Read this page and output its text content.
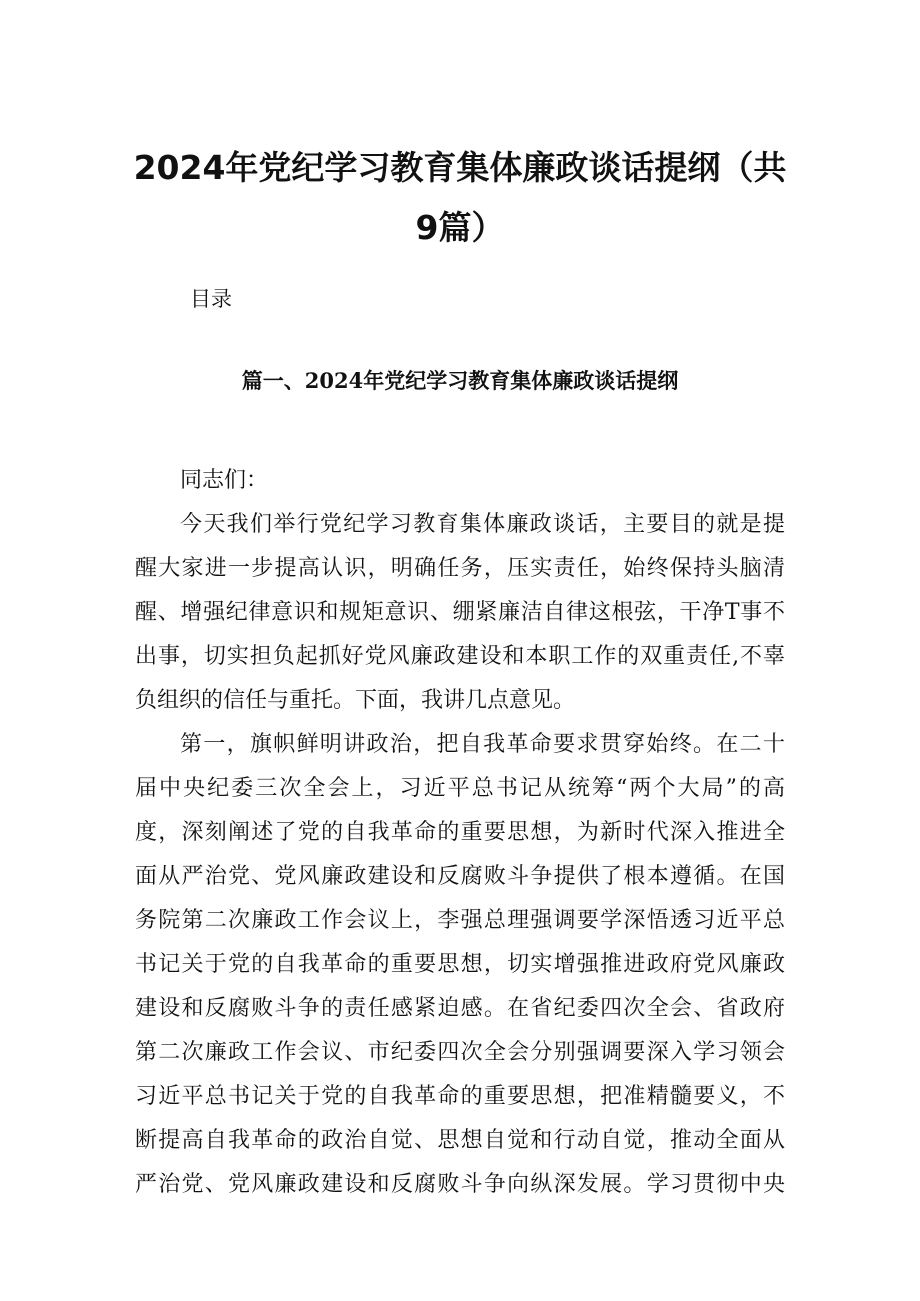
2024年党纪学习教育集体廉政谈话提纲（共
9篇）

目录

篇一、2024年党纪学习教育集体廉政谈话提纲

同志们：

今天我们举行党纪学习教育集体廉政谈话，主要目的就是提

醒大家进一步提高认识，明确任务，压实责任，始终保持头脑清

醒、增强纪律意识和规矩意识、绷紧廉洁自律这根弦，干净T事不

出事，切实担负起抓好党风廉政建设和本职工作的双重责任,不辜

负组织的信任与重托。下面，我讲几点意见。

第一，旗帜鲜明讲政治，把自我革命要求贯穿始终。在二十

届中央纪委三次全会上，习近平总书记从统筹“两个大局”的高

度，深刻阐述了党的自我革命的重要思想，为新时代深入推进全

面从严治党、党风廉政建设和反腐败斗争提供了根本遵循。在国

务院第二次廉政工作会议上，李强总理强调要学深悟透习近平总

书记关于党的自我革命的重要思想，切实增强推进政府党风廉政

建设和反腐败斗争的责任感紧迫感。在省纪委四次全会、省政府

第二次廉政工作会议、市纪委四次全会分别强调要深入学习领会

习近平总书记关于党的自我革命的重要思想，把准精髓要义，不

断提高自我革命的政治自觉、思想自觉和行动自觉，推动全面从

严治党、党风廉政建设和反腐败斗争向纵深发展。学习贯彻中央
